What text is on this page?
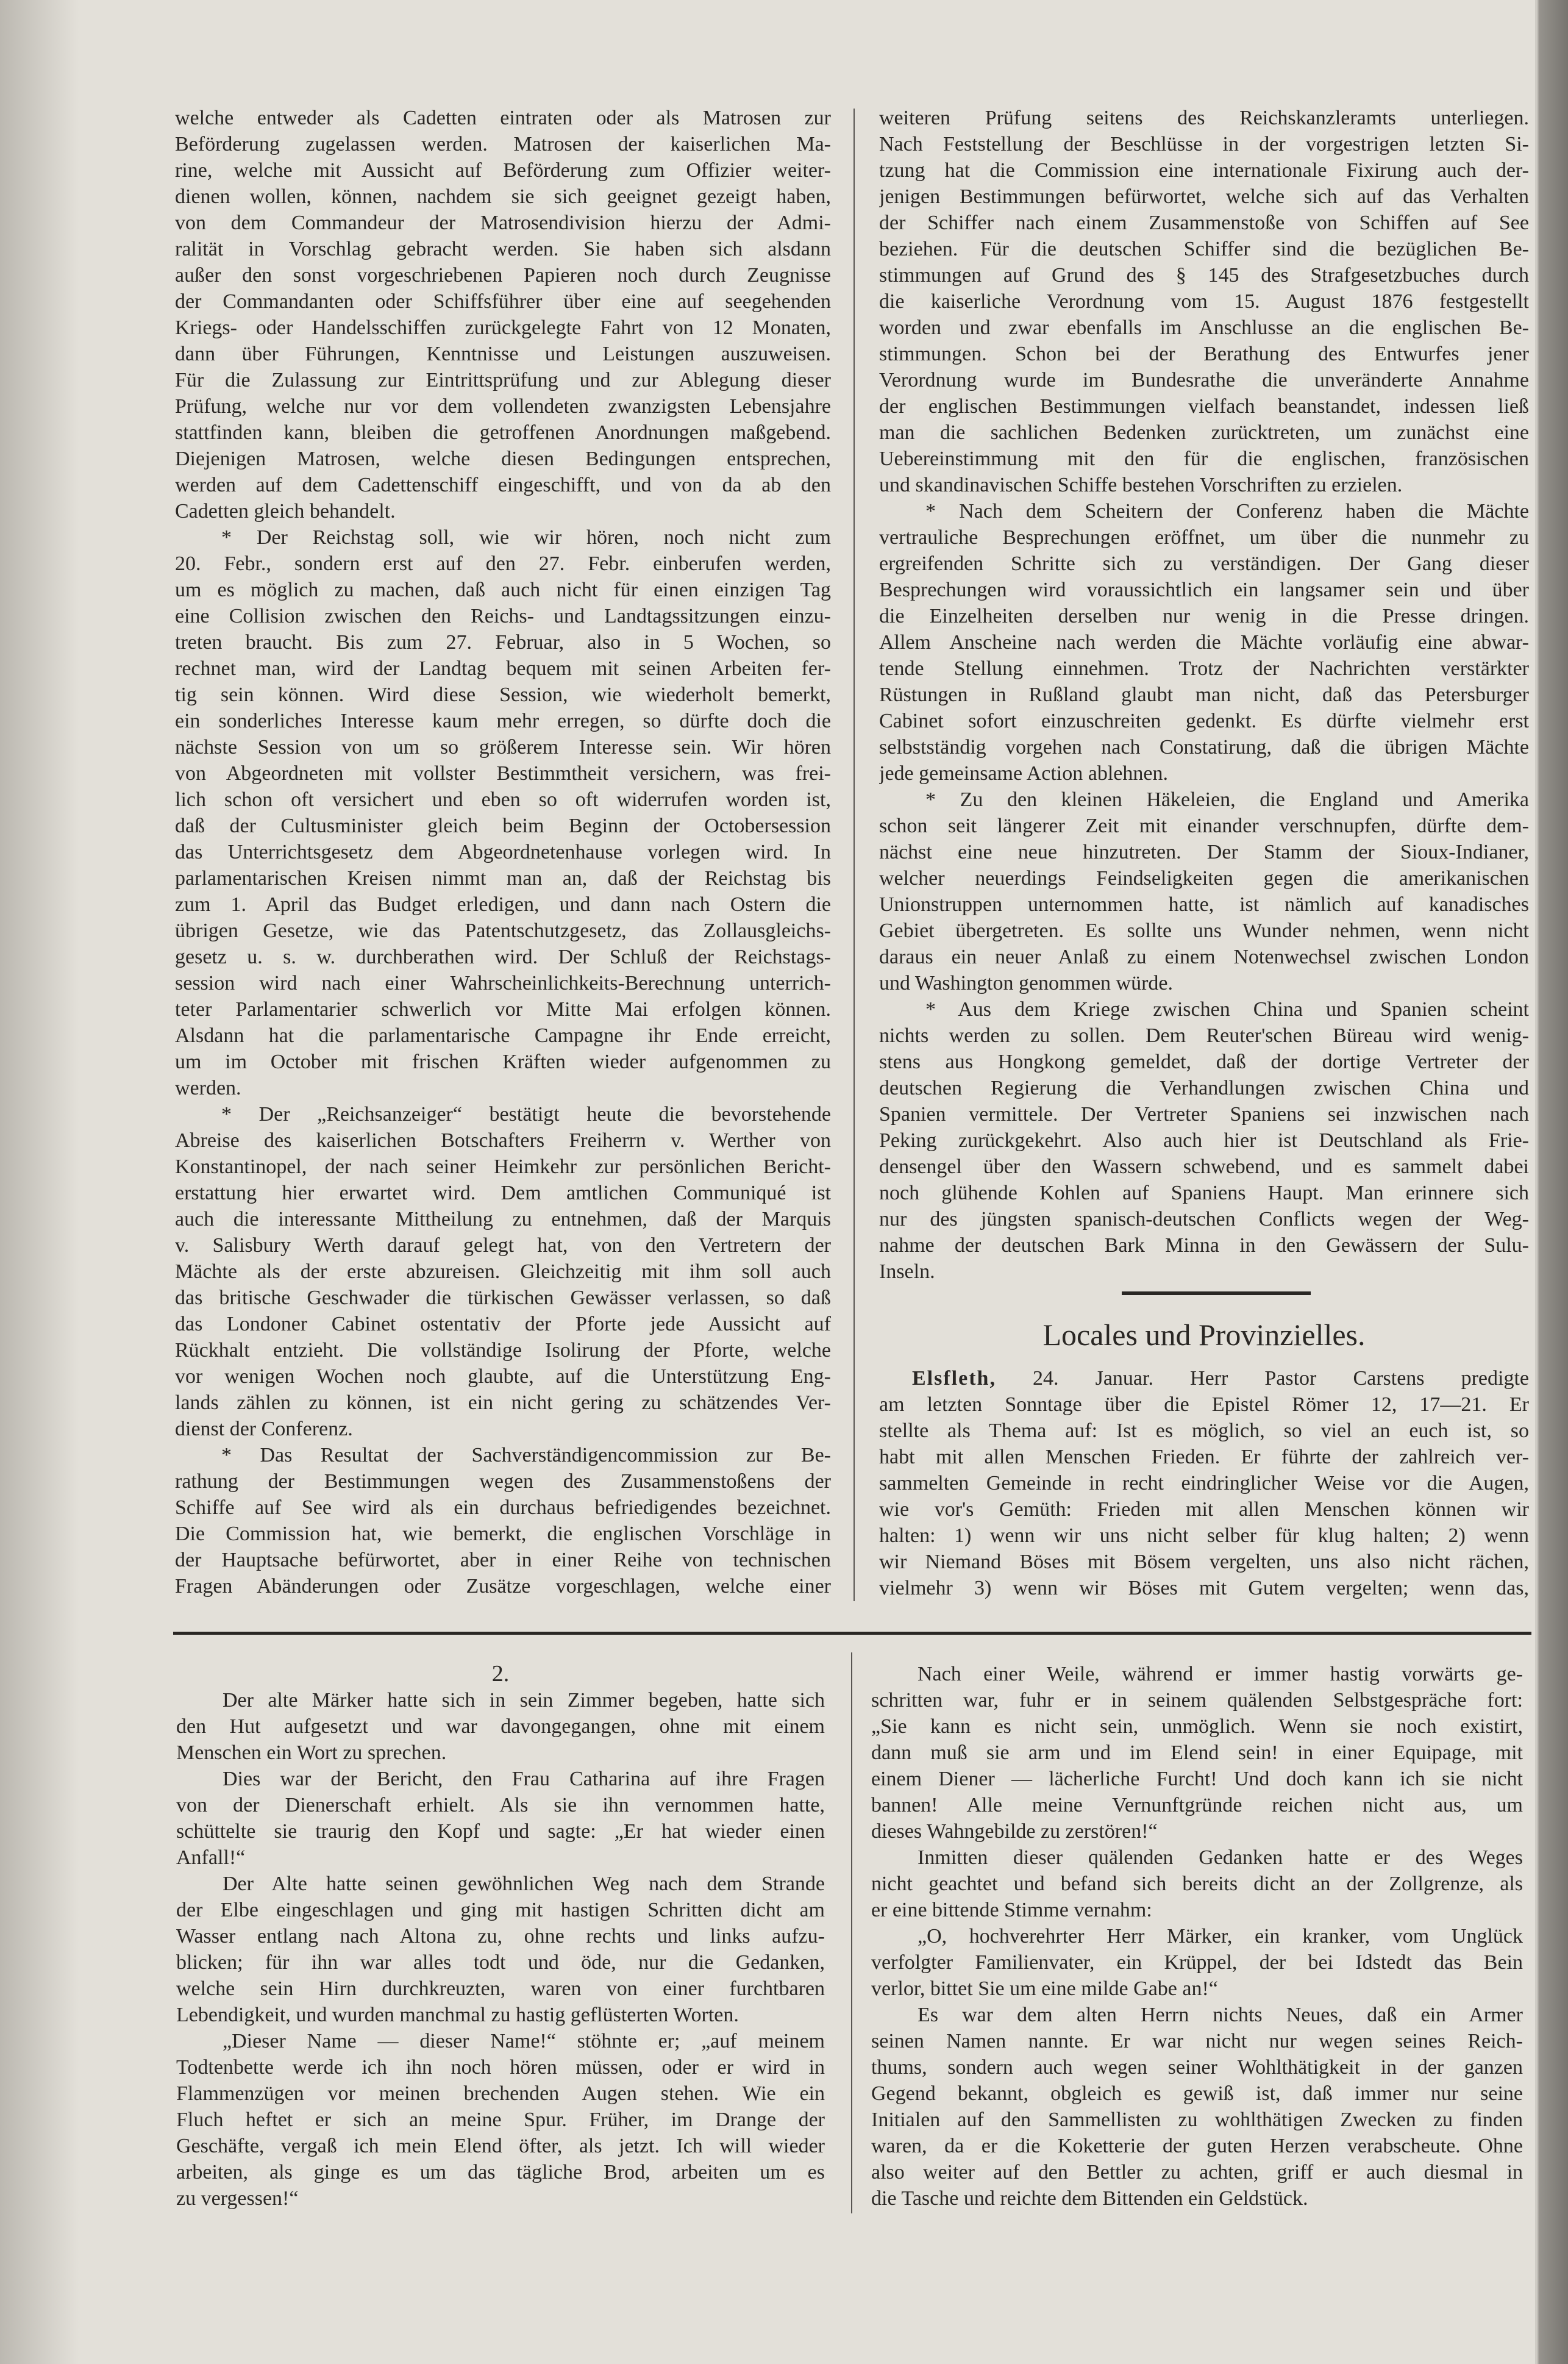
welche entweder als Cadetten eintraten oder als Matrosen zur
Beförderung zugelassen werden. Matrosen der kaiserlichen Ma-
rine, welche mit Aussicht auf Beförderung zum Offizier weiter-
dienen wollen, können, nachdem sie sich geeignet gezeigt haben,
von dem Commandeur der Matrosendivision hierzu der Admi-
ralität in Vorschlag gebracht werden. Sie haben sich alsdann
außer den sonst vorgeschriebenen Papieren noch durch Zeugnisse
der Commandanten oder Schiffsführer über eine auf seegehenden
Kriegs- oder Handelsschiffen zurückgelegte Fahrt von 12 Monaten,
dann über Führungen, Kenntnisse und Leistungen auszuweisen.
Für die Zulassung zur Eintrittsprüfung und zur Ablegung dieser
Prüfung, welche nur vor dem vollendeten zwanzigsten Lebensjahre
stattfinden kann, bleiben die getroffenen Anordnungen maßgebend.
Diejenigen Matrosen, welche diesen Bedingungen entsprechen,
werden auf dem Cadettenschiff eingeschifft, und von da ab den
Cadetten gleich behandelt.
* Der Reichstag soll, wie wir hören, noch nicht zum
20. Febr., sondern erst auf den 27. Febr. einberufen werden,
um es möglich zu machen, daß auch nicht für einen einzigen Tag
eine Collision zwischen den Reichs- und Landtagssitzungen einzu-
treten braucht. Bis zum 27. Februar, also in 5 Wochen, so
rechnet man, wird der Landtag bequem mit seinen Arbeiten fer-
tig sein können. Wird diese Session, wie wiederholt bemerkt,
ein sonderliches Interesse kaum mehr erregen, so dürfte doch die
nächste Session von um so größerem Interesse sein. Wir hören
von Abgeordneten mit vollster Bestimmtheit versichern, was frei-
lich schon oft versichert und eben so oft widerrufen worden ist,
daß der Cultusminister gleich beim Beginn der Octobersession
das Unterrichtsgesetz dem Abgeordnetenhause vorlegen wird. In
parlamentarischen Kreisen nimmt man an, daß der Reichstag bis
zum 1. April das Budget erledigen, und dann nach Ostern die
übrigen Gesetze, wie das Patentschutzgesetz, das Zollausgleichs-
gesetz u. s. w. durchberathen wird. Der Schluß der Reichstags-
session wird nach einer Wahrscheinlichkeits-Berechnung unterrich-
teter Parlamentarier schwerlich vor Mitte Mai erfolgen können.
Alsdann hat die parlamentarische Campagne ihr Ende erreicht,
um im October mit frischen Kräften wieder aufgenommen zu
werden.
* Der „Reichsanzeiger“ bestätigt heute die bevorstehende
Abreise des kaiserlichen Botschafters Freiherrn v. Werther von
Konstantinopel, der nach seiner Heimkehr zur persönlichen Bericht-
erstattung hier erwartet wird. Dem amtlichen Communiqué ist
auch die interessante Mittheilung zu entnehmen, daß der Marquis
v. Salisbury Werth darauf gelegt hat, von den Vertretern der
Mächte als der erste abzureisen. Gleichzeitig mit ihm soll auch
das britische Geschwader die türkischen Gewässer verlassen, so daß
das Londoner Cabinet ostentativ der Pforte jede Aussicht auf
Rückhalt entzieht. Die vollständige Isolirung der Pforte, welche
vor wenigen Wochen noch glaubte, auf die Unterstützung Eng-
lands zählen zu können, ist ein nicht gering zu schätzendes Ver-
dienst der Conferenz.
* Das Resultat der Sachverständigencommission zur Be-
rathung der Bestimmungen wegen des Zusammenstoßens der
Schiffe auf See wird als ein durchaus befriedigendes bezeichnet.
Die Commission hat, wie bemerkt, die englischen Vorschläge in
der Hauptsache befürwortet, aber in einer Reihe von technischen
Fragen Abänderungen oder Zusätze vorgeschlagen, welche einer
weiteren Prüfung seitens des Reichskanzleramts unterliegen.
Nach Feststellung der Beschlüsse in der vorgestrigen letzten Si-
tzung hat die Commission eine internationale Fixirung auch der-
jenigen Bestimmungen befürwortet, welche sich auf das Verhalten
der Schiffer nach einem Zusammenstoße von Schiffen auf See
beziehen. Für die deutschen Schiffer sind die bezüglichen Be-
stimmungen auf Grund des § 145 des Strafgesetzbuches durch
die kaiserliche Verordnung vom 15. August 1876 festgestellt
worden und zwar ebenfalls im Anschlusse an die englischen Be-
stimmungen. Schon bei der Berathung des Entwurfes jener
Verordnung wurde im Bundesrathe die unveränderte Annahme
der englischen Bestimmungen vielfach beanstandet, indessen ließ
man die sachlichen Bedenken zurücktreten, um zunächst eine
Uebereinstimmung mit den für die englischen, französischen
und skandinavischen Schiffe bestehen Vorschriften zu erzielen.
* Nach dem Scheitern der Conferenz haben die Mächte
vertrauliche Besprechungen eröffnet, um über die nunmehr zu
ergreifenden Schritte sich zu verständigen. Der Gang dieser
Besprechungen wird voraussichtlich ein langsamer sein und über
die Einzelheiten derselben nur wenig in die Presse dringen.
Allem Anscheine nach werden die Mächte vorläufig eine abwar-
tende Stellung einnehmen. Trotz der Nachrichten verstärkter
Rüstungen in Rußland glaubt man nicht, daß das Petersburger
Cabinet sofort einzuschreiten gedenkt. Es dürfte vielmehr erst
selbstständig vorgehen nach Constatirung, daß die übrigen Mächte
jede gemeinsame Action ablehnen.
* Zu den kleinen Häkeleien, die England und Amerika
schon seit längerer Zeit mit einander verschnupfen, dürfte dem-
nächst eine neue hinzutreten. Der Stamm der Sioux-Indianer,
welcher neuerdings Feindseligkeiten gegen die amerikanischen
Unionstruppen unternommen hatte, ist nämlich auf kanadisches
Gebiet übergetreten. Es sollte uns Wunder nehmen, wenn nicht
daraus ein neuer Anlaß zu einem Notenwechsel zwischen London
und Washington genommen würde.
* Aus dem Kriege zwischen China und Spanien scheint
nichts werden zu sollen. Dem Reuter'schen Büreau wird wenig-
stens aus Hongkong gemeldet, daß der dortige Vertreter der
deutschen Regierung die Verhandlungen zwischen China und
Spanien vermittele. Der Vertreter Spaniens sei inzwischen nach
Peking zurückgekehrt. Also auch hier ist Deutschland als Frie-
densengel über den Wassern schwebend, und es sammelt dabei
noch glühende Kohlen auf Spaniens Haupt. Man erinnere sich
nur des jüngsten spanisch-deutschen Conflicts wegen der Weg-
nahme der deutschen Bark Minna in den Gewässern der Sulu-
Inseln.
Locales und Provinzielles.
Elsfleth, 24. Januar. Herr Pastor Carstens predigte
am letzten Sonntage über die Epistel Römer 12, 17—21. Er
stellte als Thema auf: Ist es möglich, so viel an euch ist, so
habt mit allen Menschen Frieden. Er führte der zahlreich ver-
sammelten Gemeinde in recht eindringlicher Weise vor die Augen,
wie vor's Gemüth: Frieden mit allen Menschen können wir
halten: 1) wenn wir uns nicht selber für klug halten; 2) wenn
wir Niemand Böses mit Bösem vergelten, uns also nicht rächen,
vielmehr 3) wenn wir Böses mit Gutem vergelten; wenn das,
2.
Der alte Märker hatte sich in sein Zimmer begeben, hatte sich
den Hut aufgesetzt und war davongegangen, ohne mit einem
Menschen ein Wort zu sprechen.
Dies war der Bericht, den Frau Catharina auf ihre Fragen
von der Dienerschaft erhielt. Als sie ihn vernommen hatte,
schüttelte sie traurig den Kopf und sagte: „Er hat wieder einen
Anfall!“
Der Alte hatte seinen gewöhnlichen Weg nach dem Strande
der Elbe eingeschlagen und ging mit hastigen Schritten dicht am
Wasser entlang nach Altona zu, ohne rechts und links aufzu-
blicken; für ihn war alles todt und öde, nur die Gedanken,
welche sein Hirn durchkreuzten, waren von einer furchtbaren
Lebendigkeit, und wurden manchmal zu hastig geflüsterten Worten.
„Dieser Name — dieser Name!“ stöhnte er; „auf meinem
Todtenbette werde ich ihn noch hören müssen, oder er wird in
Flammenzügen vor meinen brechenden Augen stehen. Wie ein
Fluch heftet er sich an meine Spur. Früher, im Drange der
Geschäfte, vergaß ich mein Elend öfter, als jetzt. Ich will wieder
arbeiten, als ginge es um das tägliche Brod, arbeiten um es
zu vergessen!“
Nach einer Weile, während er immer hastig vorwärts ge-
schritten war, fuhr er in seinem quälenden Selbstgespräche fort:
„Sie kann es nicht sein, unmöglich. Wenn sie noch existirt,
dann muß sie arm und im Elend sein! in einer Equipage, mit
einem Diener — lächerliche Furcht! Und doch kann ich sie nicht
bannen! Alle meine Vernunftgründe reichen nicht aus, um
dieses Wahngebilde zu zerstören!“
Inmitten dieser quälenden Gedanken hatte er des Weges
nicht geachtet und befand sich bereits dicht an der Zollgrenze, als
er eine bittende Stimme vernahm:
„O, hochverehrter Herr Märker, ein kranker, vom Unglück
verfolgter Familienvater, ein Krüppel, der bei Idstedt das Bein
verlor, bittet Sie um eine milde Gabe an!“
Es war dem alten Herrn nichts Neues, daß ein Armer
seinen Namen nannte. Er war nicht nur wegen seines Reich-
thums, sondern auch wegen seiner Wohlthätigkeit in der ganzen
Gegend bekannt, obgleich es gewiß ist, daß immer nur seine
Initialen auf den Sammellisten zu wohlthätigen Zwecken zu finden
waren, da er die Koketterie der guten Herzen verabscheute. Ohne
also weiter auf den Bettler zu achten, griff er auch diesmal in
die Tasche und reichte dem Bittenden ein Geldstück.
